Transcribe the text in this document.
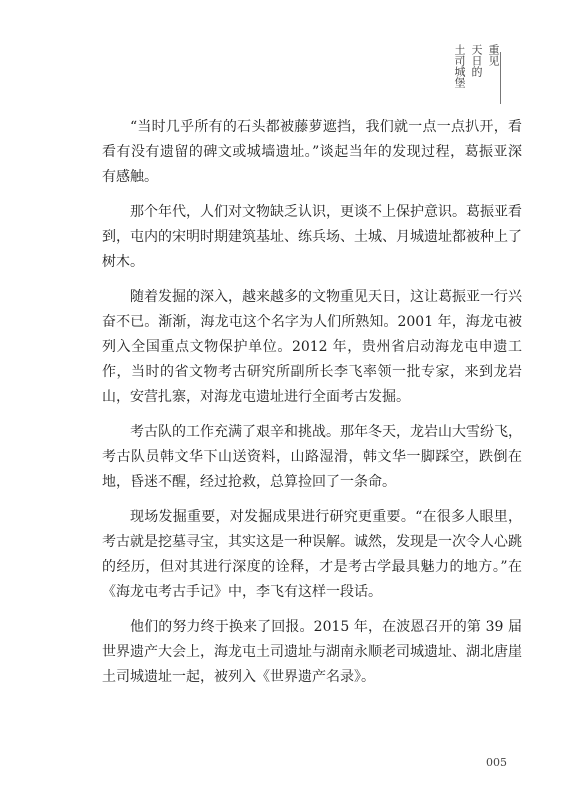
重见
天日的
土司城堡

“当时几乎所有的石头都被藤萝遮挡，我们就一点一点扒开，看看有没有遗留的碑文或城墙遗址。”谈起当年的发现过程，葛振亚深有感触。

那个年代，人们对文物缺乏认识，更谈不上保护意识。葛振亚看到，屯内的宋明时期建筑基址、练兵场、土城、月城遗址都被种上了树木。

随着发掘的深入，越来越多的文物重见天日，这让葛振亚一行兴奋不已。渐渐，海龙屯这个名字为人们所熟知。2001 年，海龙屯被列入全国重点文物保护单位。2012 年，贵州省启动海龙屯申遗工作，当时的省文物考古研究所副所长李飞率领一批专家，来到龙岩山，安营扎寨，对海龙屯遗址进行全面考古发掘。

考古队的工作充满了艰辛和挑战。那年冬天，龙岩山大雪纷飞，考古队员韩文华下山送资料，山路湿滑，韩文华一脚踩空，跌倒在地，昏迷不醒，经过抢救，总算捡回了一条命。

现场发掘重要，对发掘成果进行研究更重要。“在很多人眼里，考古就是挖墓寻宝，其实这是一种误解。诚然，发现是一次令人心跳的经历，但对其进行深度的诠释，才是考古学最具魅力的地方。”在《海龙屯考古手记》中，李飞有这样一段话。

他们的努力终于换来了回报。2015 年，在波恩召开的第 39 届世界遗产大会上，海龙屯土司遗址与湖南永顺老司城遗址、湖北唐崖土司城遗址一起，被列入《世界遗产名录》。

005
